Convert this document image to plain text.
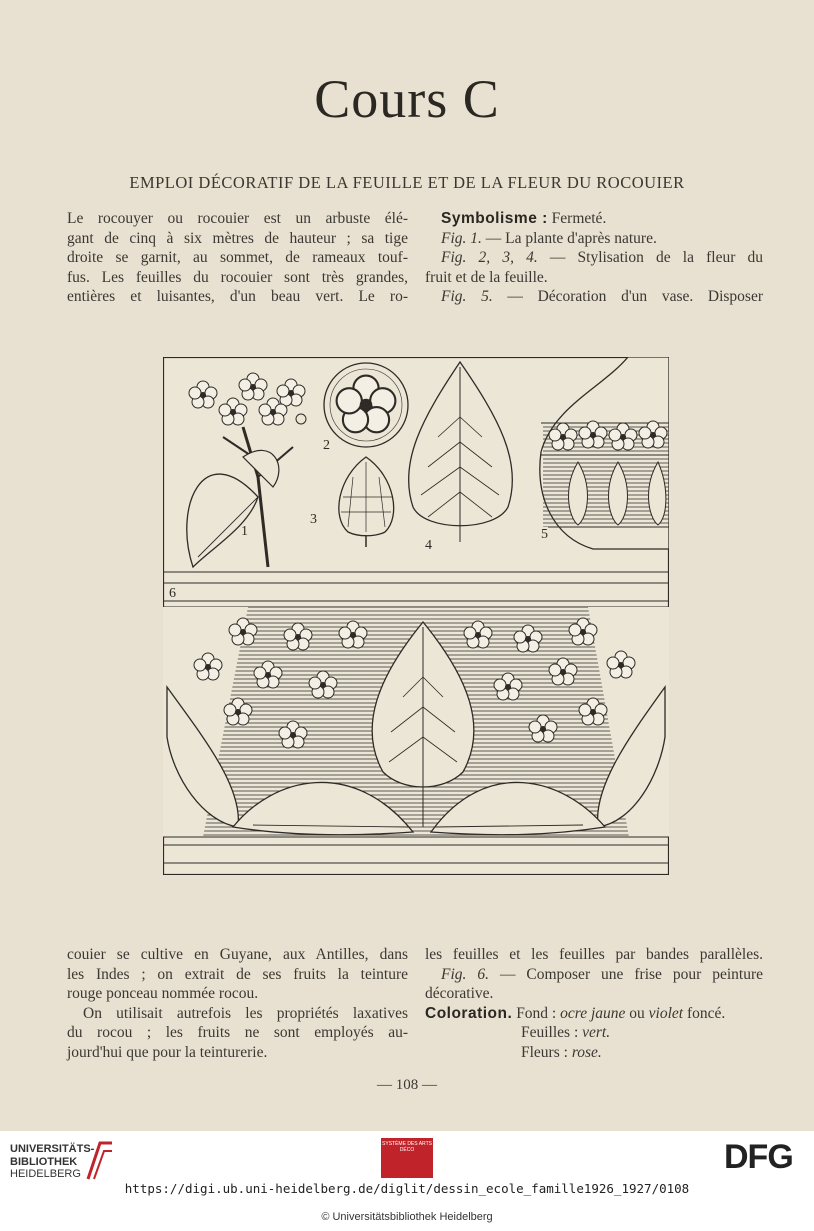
Cours C
EMPLOI DÉCORATIF DE LA FEUILLE ET DE LA FLEUR DU ROCOUIER
Le rocouyer ou rocouier est un arbuste élé-
gant de cinq à six mètres de hauteur ; sa tige
droite se garnit, au sommet, de rameaux touf-
fus. Les feuilles du rocouier sont très grandes,
entières et luisantes, d'un beau vert. Le ro-
Symbolisme : Fermeté.
Fig. 1. — La plante d'après nature.
Fig. 2, 3, 4. — Stylisation de la fleur du
fruit et de la feuille.
Fig. 5. — Décoration d'un vase. Disposer
1
2
3
4
5
6
couier se cultive en Guyane, aux Antilles, dans
les Indes ; on extrait de ses fruits la teinture
rouge ponceau nommée rocou.
On utilisait autrefois les propriétés laxatives
du rocou ; les fruits ne sont employés au-
jourd'hui que pour la teinturerie.
les feuilles et les feuilles par bandes parallèles.
Fig. 6. — Composer une frise pour peinture
décorative.
Coloration. Fond : ocre jaune ou violet foncé.
Feuilles : vert.
Fleurs : rose.
— 108 —
UNIVERSITÄTS-
BIBLIOTHEK
HEIDELBERG
SYSTÈME DES ARTS DÉCO	DFG
https://digi.ub.uni-heidelberg.de/diglit/dessin_ecole_famille1926_1927/0108
© Universitätsbibliothek Heidelberg
